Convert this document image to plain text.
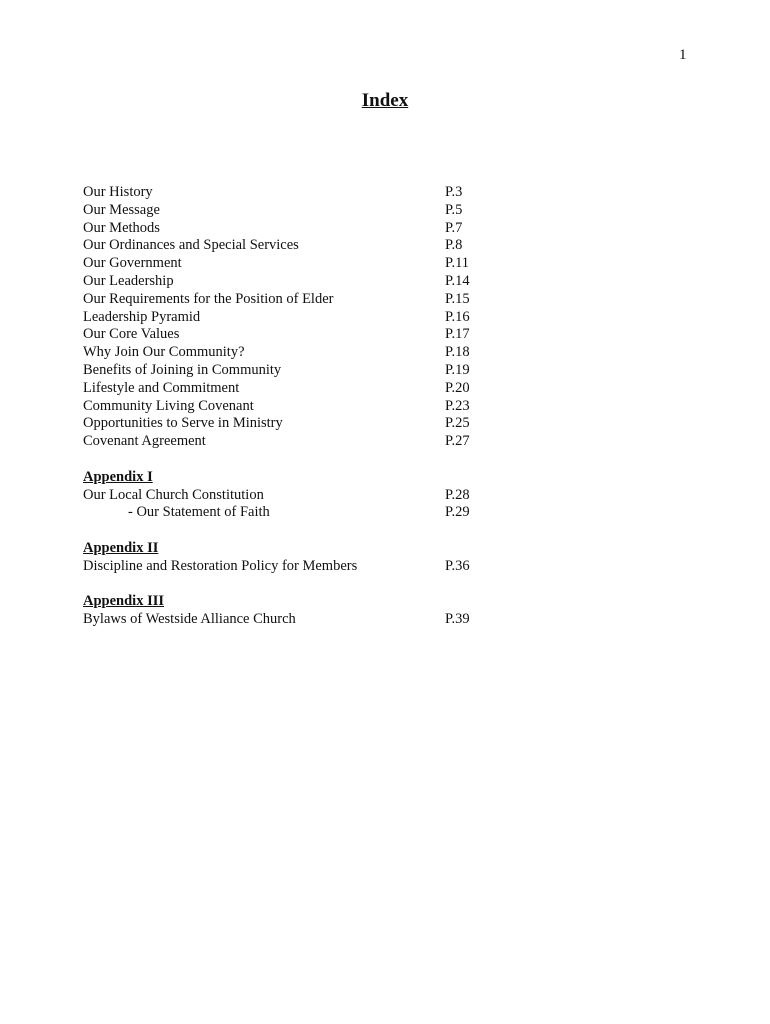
1
Index
Our History	P.3
Our Message	P.5
Our Methods	P.7
Our Ordinances and Special Services	P.8
Our Government	P.11
Our Leadership	P.14
Our Requirements for the Position of Elder	P.15
Leadership Pyramid	P.16
Our Core Values	P.17
Why Join Our Community?	P.18
Benefits of Joining in Community	P.19
Lifestyle and Commitment	P.20
Community Living Covenant	P.23
Opportunities to Serve in Ministry	P.25
Covenant Agreement	P.27
Appendix I
Our Local Church Constitution	P.28
- Our Statement of Faith	P.29
Appendix II
Discipline and Restoration Policy for Members	P.36
Appendix III
Bylaws of Westside Alliance Church	P.39
